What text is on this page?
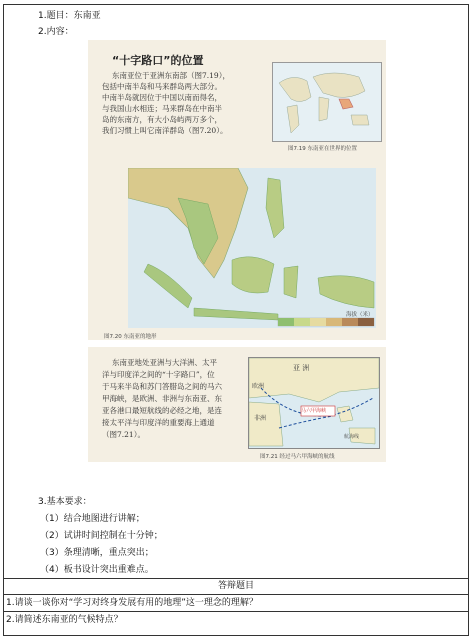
1.题目：东南亚
2.内容：
“十字路口”的位置
东南亚位于亚洲东南部（图7.19），
包括中南半岛和马来群岛两大部分。
中南半岛就因位于中国以南而得名，
与我国山水相连；马来群岛在中南半
岛的东南方，有大小岛屿两万多个，
我们习惯上叫它南洋群岛（图7.20）。
图7.19 东南亚在世界的位置
海拔（米）
图7.20 东南亚的地形
东南亚地处亚洲与大洋洲、太平
洋与印度洋之间的“十字路口”，位
于马来半岛和苏门答腊岛之间的马六
甲海峡，是欧洲、非洲与东南亚、东
亚各港口最短航线的必经之地，是连
接太平洋与印度洋的重要海上通道
（图7.21）。
亚 洲
欧洲
非洲
马六甲海峡
航海线
图7.21 经过马六甲海峡的航线
3.基本要求：
（1）结合地图进行讲解；
（2）试讲时间控制在十分钟；
（3）条理清晰，重点突出；
（4）板书设计突出重难点。
答辩题目
1.请谈一谈你对“学习对终身发展有用的地理”这一理念的理解？
2.请简述东南亚的气候特点？
